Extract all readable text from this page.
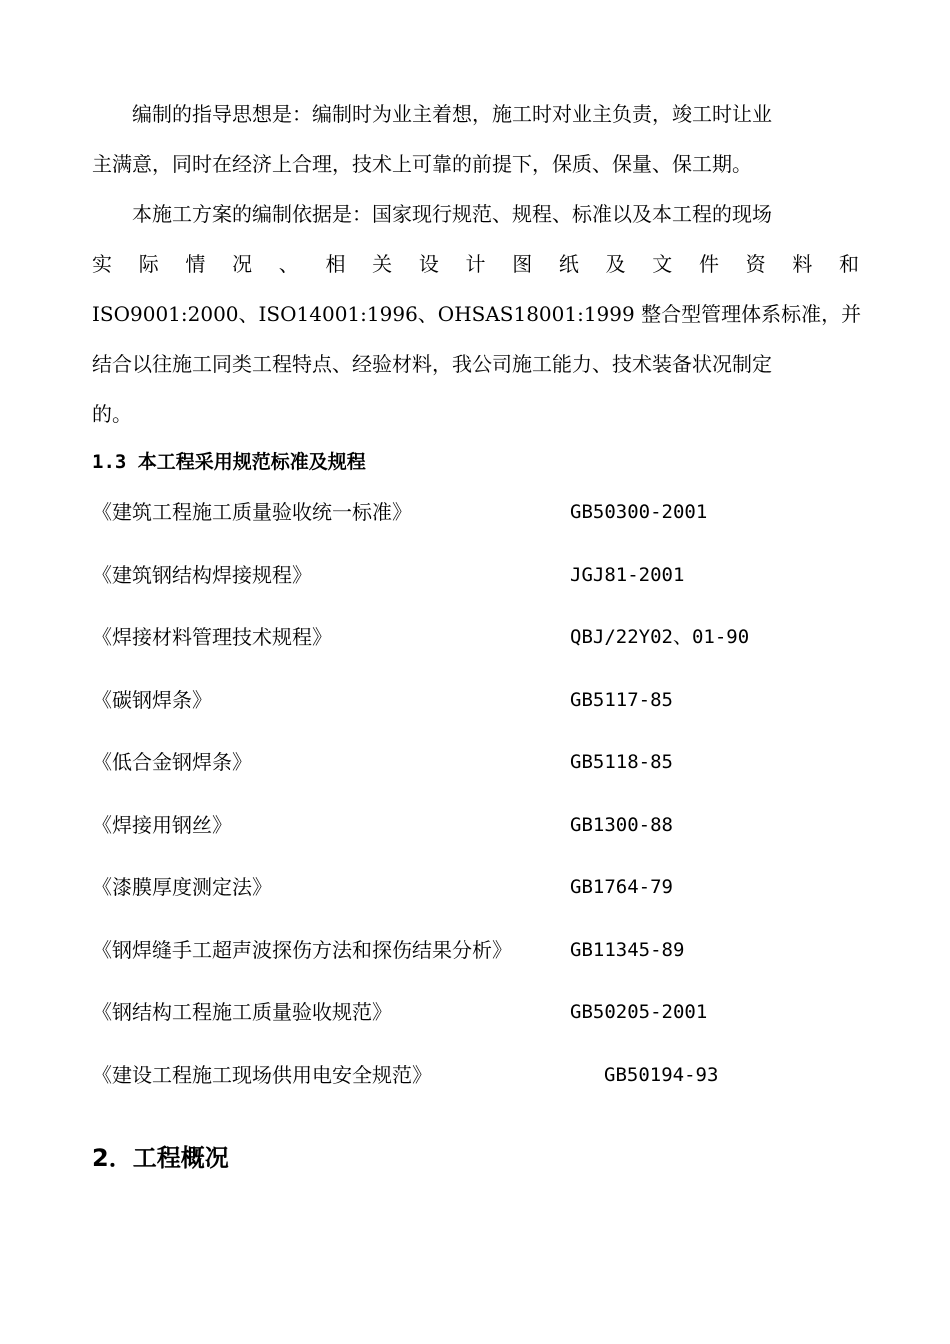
编制的指导思想是：编制时为业主着想，施工时对业主负责，竣工时让业

主满意，同时在经济上合理，技术上可靠的前提下，保质、保量、保工期。

本施工方案的编制依据是：国家现行规范、规程、标准以及本工程的现场

实 际 情 况 、 相 关 设 计 图 纸 及 文 件 资 料 和
ISO9001:2000、ISO14001:1996、OHSAS18001:1999 整合型管理体系标准，并
结合以往施工同类工程特点、经验材料，我公司施工能力、技术装备状况制定
的。
1.3 本工程采用规范标准及规程
《建筑工程施工质量验收统一标准》	GB50300-2001
《建筑钢结构焊接规程》	JGJ81-2001
《焊接材料管理技术规程》	QBJ/22Y02、01-90
《碳钢焊条》	GB5117-85
《低合金钢焊条》	GB5118-85
《焊接用钢丝》	GB1300-88
《漆膜厚度测定法》	GB1764-79
《钢焊缝手工超声波探伤方法和探伤结果分析》	GB11345-89
《钢结构工程施工质量验收规范》	GB50205-2001
《建设工程施工现场供用电安全规范》	GB50194-93
2．工程概况
